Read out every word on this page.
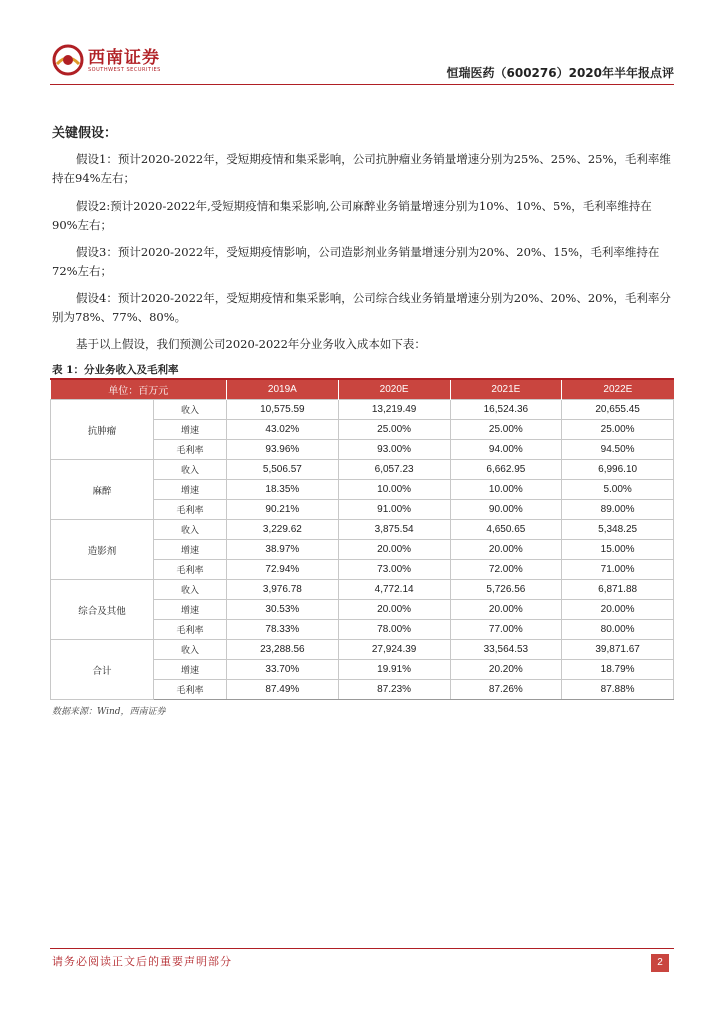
西南证券
SOUTHWEST SECURITIES	恒瑞医药（600276）2020年半年报点评
关键假设：
假设1：预计2020-2022年，受短期疫情和集采影响，公司抗肿瘤业务销量增速分别为25%、25%、25%，毛利率维持在94%左右；
假设2:预计2020-2022年,受短期疫情和集采影响,公司麻醉业务销量增速分别为10%、10%、5%，毛利率维持在90%左右；
假设3：预计2020-2022年，受短期疫情影响，公司造影剂业务销量增速分别为20%、20%、15%，毛利率维持在72%左右；
假设4：预计2020-2022年，受短期疫情和集采影响，公司综合线业务销量增速分别为20%、20%、20%，毛利率分别为78%、77%、80%。
基于以上假设，我们预测公司2020-2022年分业务收入成本如下表：
表 1：分业务收入及毛利率
单位：百万元		2019A	2020E	2021E	2022E
抗肿瘤	收入	10,575.59	13,219.49	16,524.36	20,655.45
	增速	43.02%	25.00%	25.00%	25.00%
	毛利率	93.96%	93.00%	94.00%	94.50%
麻醉	收入	5,506.57	6,057.23	6,662.95	6,996.10
	增速	18.35%	10.00%	10.00%	5.00%
	毛利率	90.21%	91.00%	90.00%	89.00%
造影剂	收入	3,229.62	3,875.54	4,650.65	5,348.25
	增速	38.97%	20.00%	20.00%	15.00%
	毛利率	72.94%	73.00%	72.00%	71.00%
综合及其他	收入	3,976.78	4,772.14	5,726.56	6,871.88
	增速	30.53%	20.00%	20.00%	20.00%
	毛利率	78.33%	78.00%	77.00%	80.00%
合计	收入	23,288.56	27,924.39	33,564.53	39,871.67
	增速	33.70%	19.91%	20.20%	18.79%
	毛利率	87.49%	87.23%	87.26%	87.88%
数据来源：Wind，西南证券
请务必阅读正文后的重要声明部分	2
